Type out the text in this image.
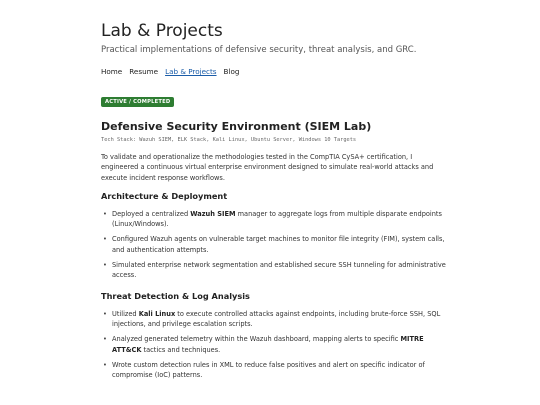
Lab & Projects

Practical implementations of defensive security, threat analysis, and GRC.

Home Resume Lab & Projects Blog
ACTIVE / COMPLETED
Defensive Security Environment (SIEM Lab)

Tech Stack: Wazuh SIEM, ELK Stack, Kali Linux, Ubuntu Server, Windows 10 Targets

To validate and operationalize the methodologies tested in the CompTIA CySA+ certification, I engineered a continuous virtual enterprise environment designed to simulate real-world attacks and execute incident response workflows.

Architecture & Deployment
• Deployed a centralized Wazuh SIEM manager to aggregate logs from multiple disparate endpoints (Linux/Windows).
• Configured Wazuh agents on vulnerable target machines to monitor file integrity (FIM), system calls, and authentication attempts.
• Simulated enterprise network segmentation and established secure SSH tunneling for administrative access.
Threat Detection & Log Analysis
• Utilized Kali Linux to execute controlled attacks against endpoints, including brute-force SSH, SQL injections, and privilege escalation scripts.
• Analyzed generated telemetry within the Wazuh dashboard, mapping alerts to specific MITRE ATT&CK tactics and techniques.
• Wrote custom detection rules in XML to reduce false positives and alert on specific indicator of compromise (IoC) patterns.
